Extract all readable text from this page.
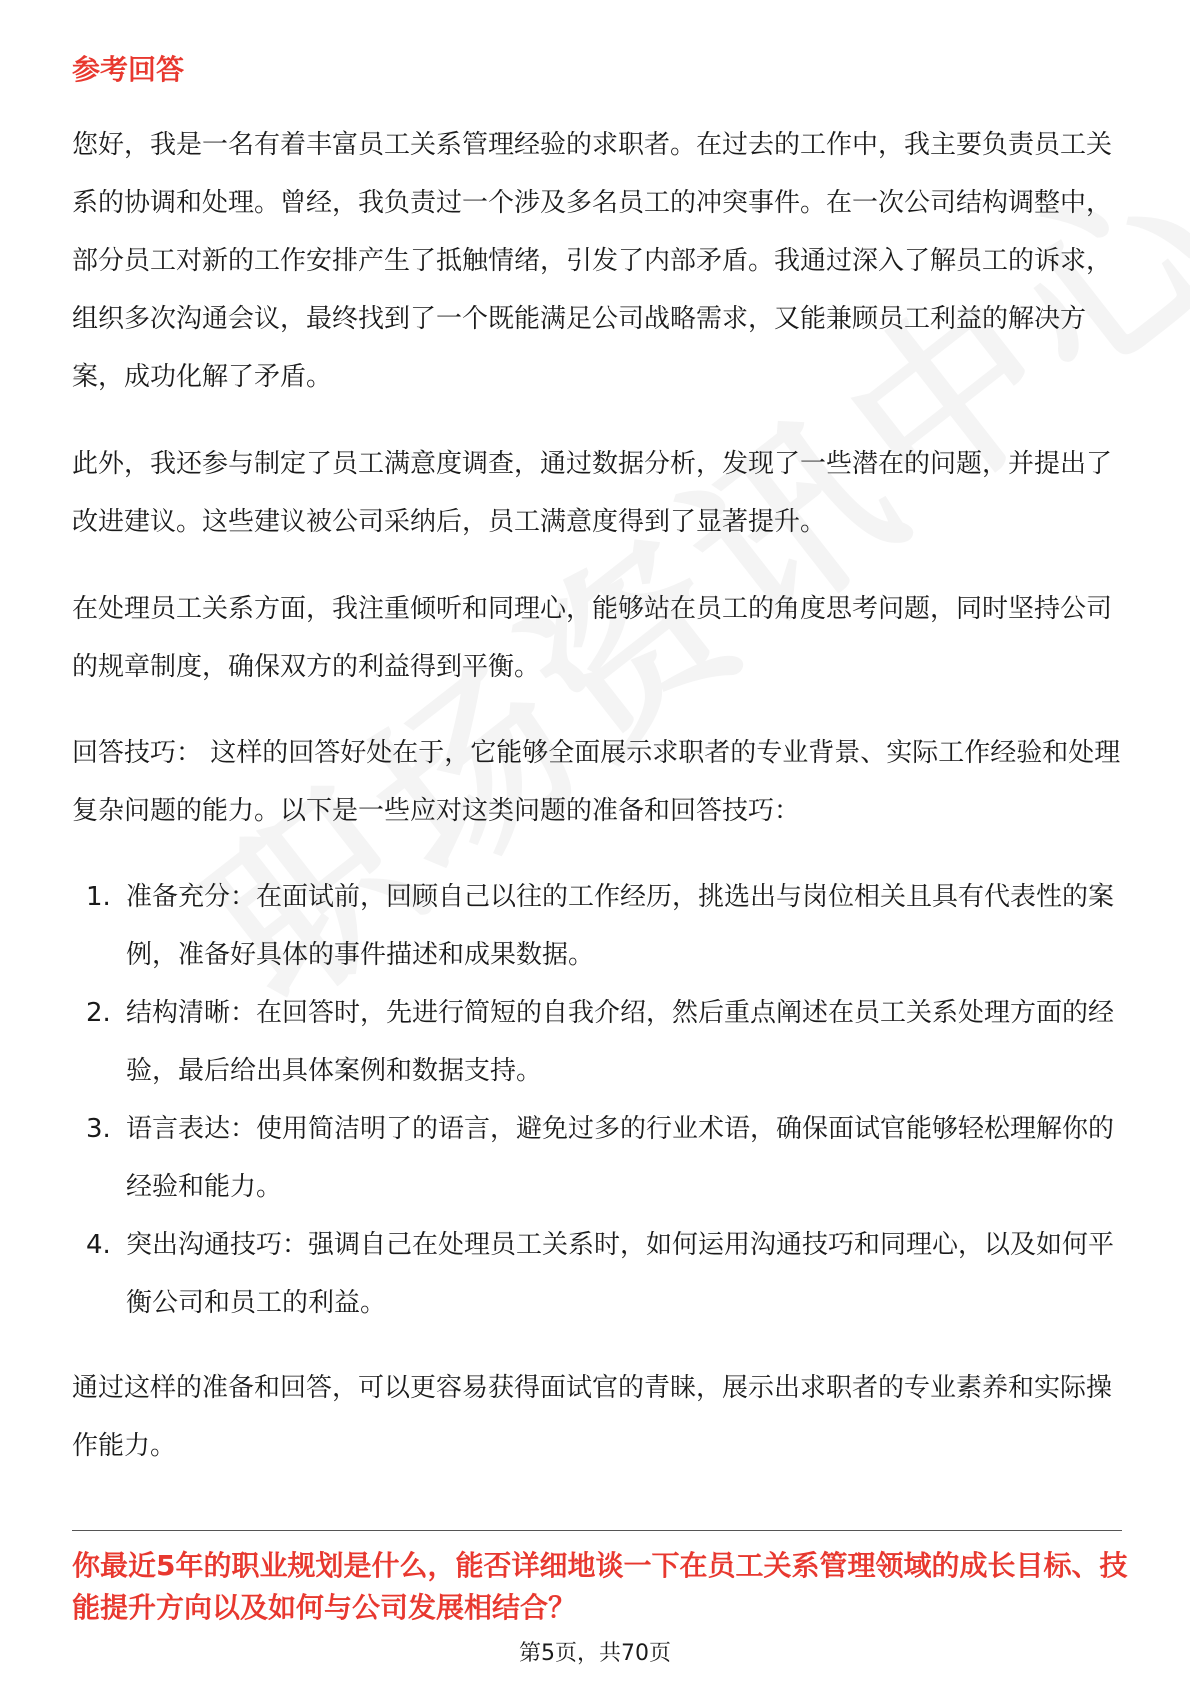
参考回答

您好，我是一名有着丰富员工关系管理经验的求职者。在过去的工作中，我主要负责员工关系的协调和处理。曾经，我负责过一个涉及多名员工的冲突事件。在一次公司结构调整中，部分员工对新的工作安排产生了抵触情绪，引发了内部矛盾。我通过深入了解员工的诉求，组织多次沟通会议，最终找到了一个既能满足公司战略需求，又能兼顾员工利益的解决方案，成功化解了矛盾。

此外，我还参与制定了员工满意度调查，通过数据分析，发现了一些潜在的问题，并提出了改进建议。这些建议被公司采纳后，员工满意度得到了显著提升。

在处理员工关系方面，我注重倾听和同理心，能够站在员工的角度思考问题，同时坚持公司的规章制度，确保双方的利益得到平衡。

回答技巧： 这样的回答好处在于，它能够全面展示求职者的专业背景、实际工作经验和处理复杂问题的能力。以下是一些应对这类问题的准备和回答技巧：

1. 准备充分：在面试前，回顾自己以往的工作经历，挑选出与岗位相关且具有代表性的案例，准备好具体的事件描述和成果数据。
2. 结构清晰：在回答时，先进行简短的自我介绍，然后重点阐述在员工关系处理方面的经验，最后给出具体案例和数据支持。
3. 语言表达：使用简洁明了的语言，避免过多的行业术语，确保面试官能够轻松理解你的经验和能力。
4. 突出沟通技巧：强调自己在处理员工关系时，如何运用沟通技巧和同理心，以及如何平衡公司和员工的利益。

通过这样的准备和回答，可以更容易获得面试官的青睐，展示出求职者的专业素养和实际操作能力。

你最近5年的职业规划是什么，能否详细地谈一下在员工关系管理领域的成长目标、技能提升方向以及如何与公司发展相结合？
第5页，共70页
